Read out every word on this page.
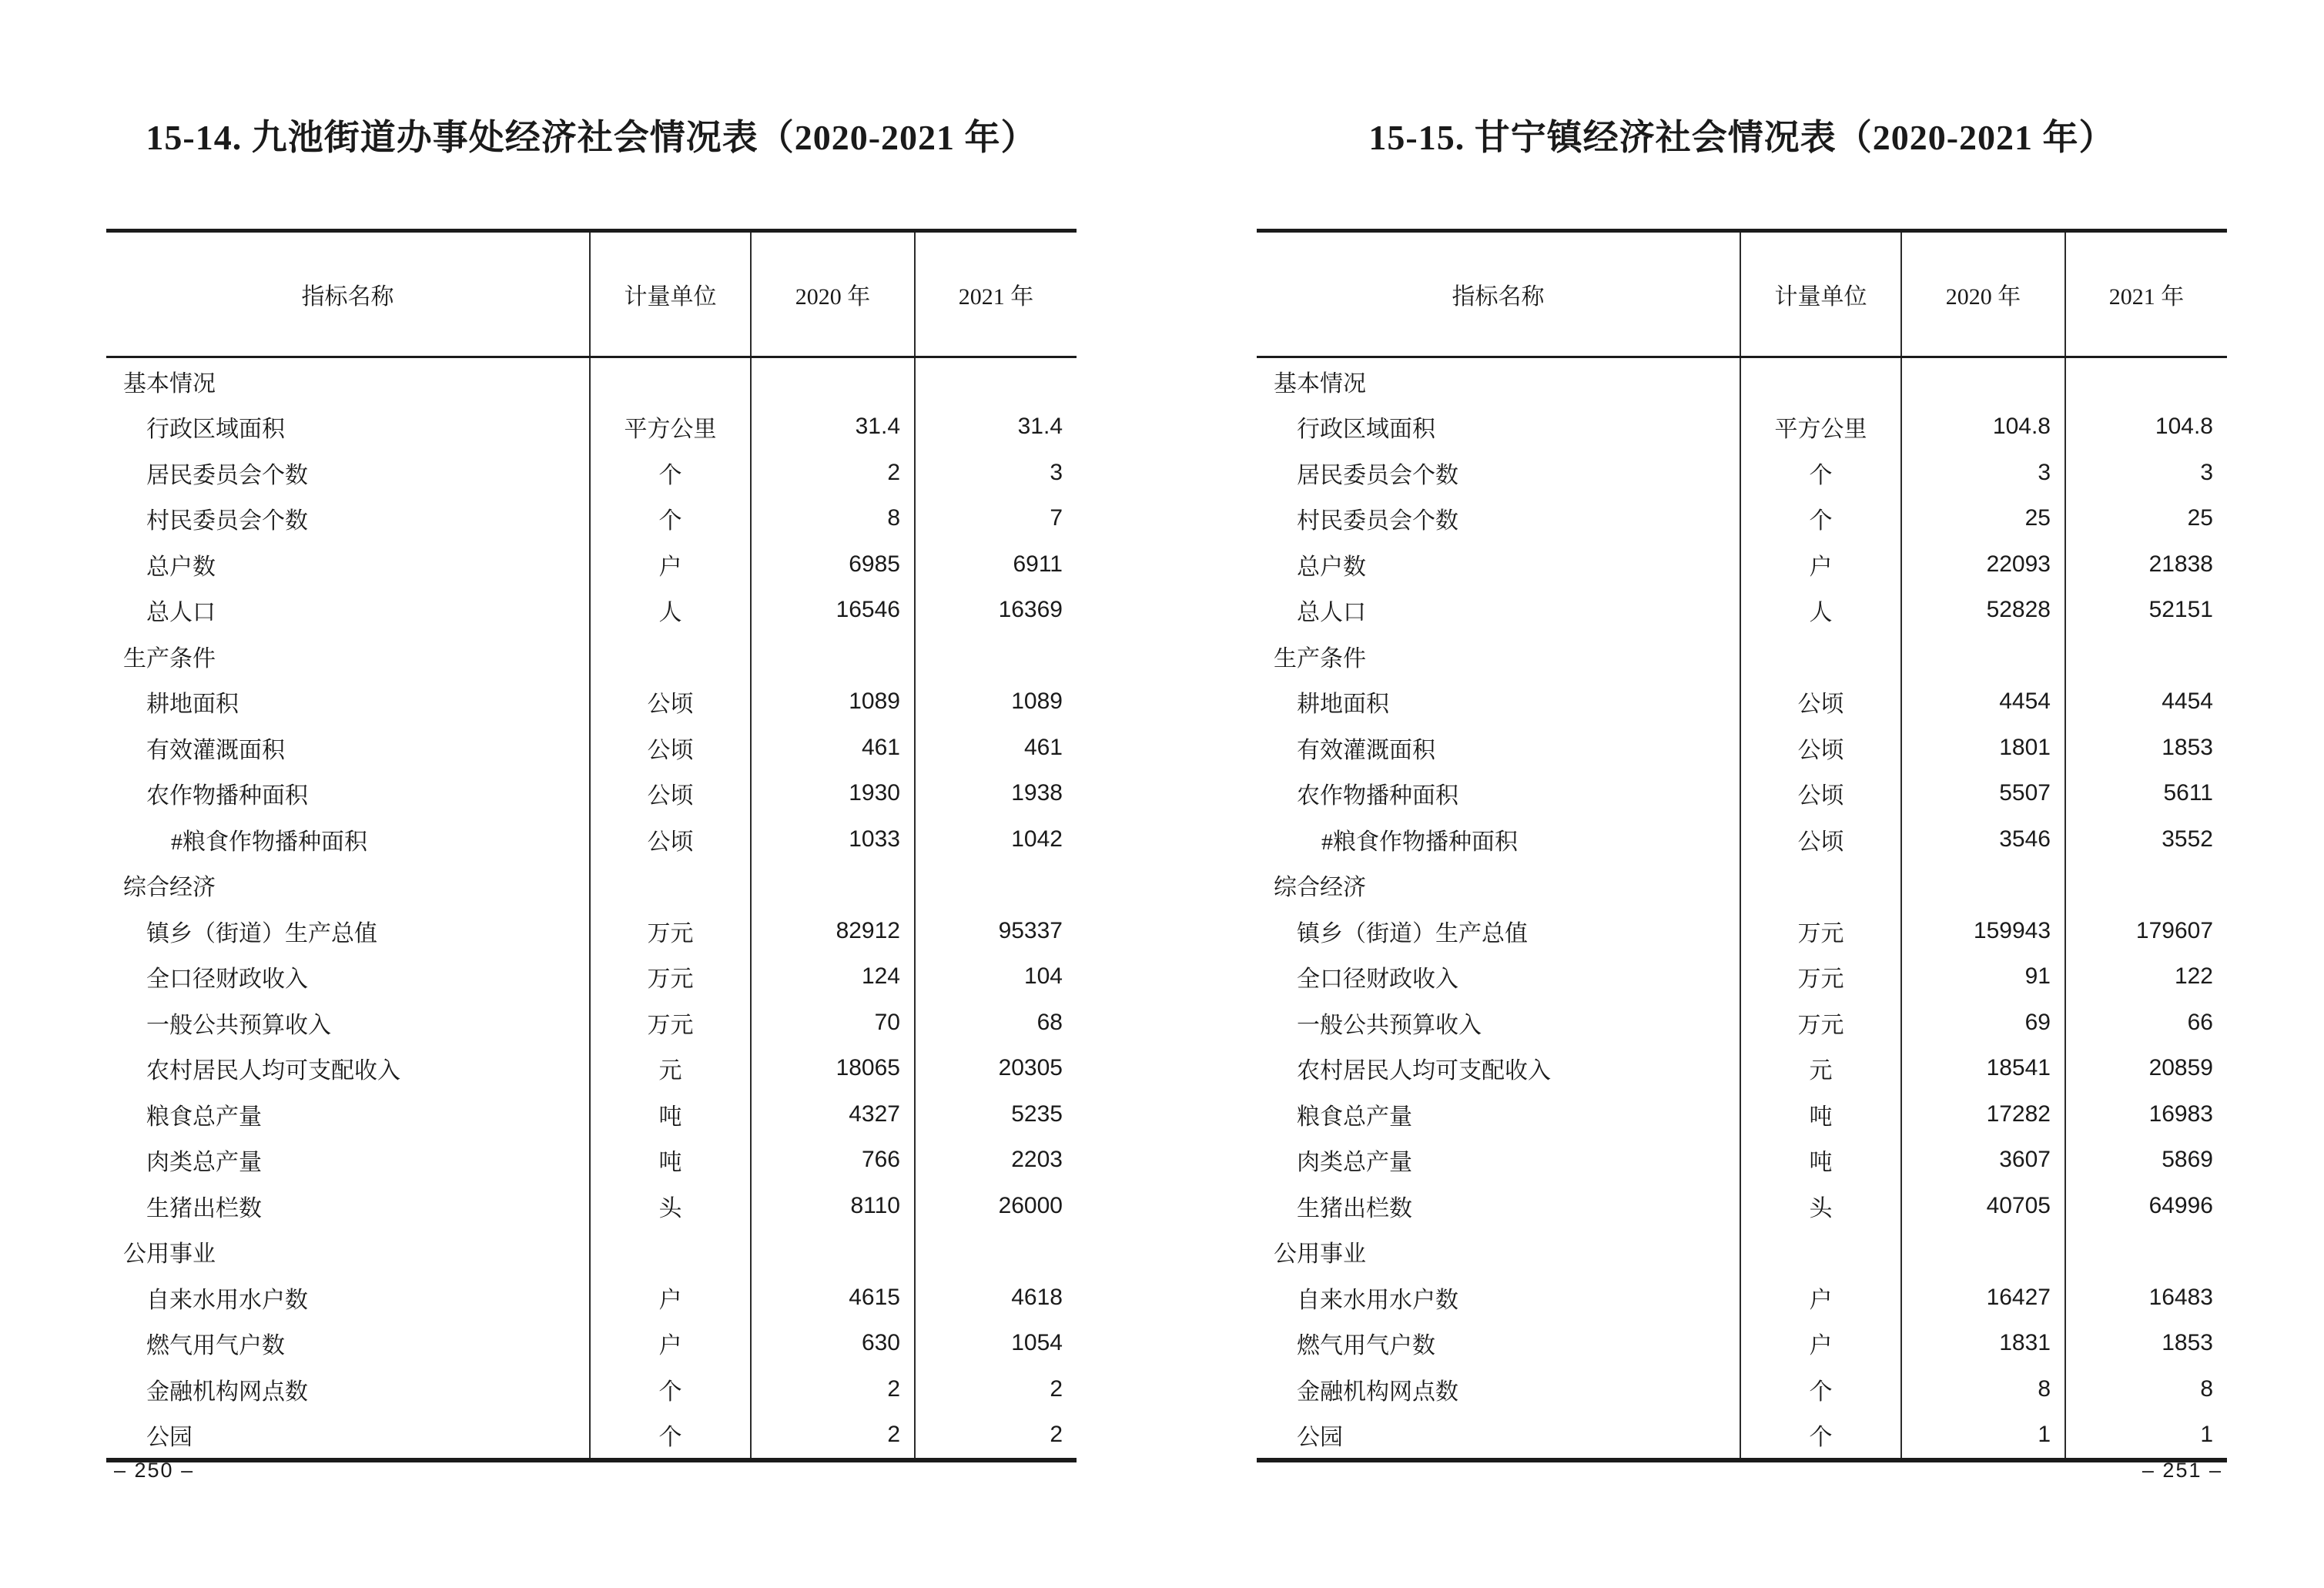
15-14. 九池街道办事处经济社会情况表（2020-2021 年）
指标名称	计量单位	2020 年	2021 年
基本情况
行政区域面积	平方公里	31.4	31.4
居民委员会个数	个	2	3
村民委员会个数	个	8	7
总户数	户	6985	6911
总人口	人	16546	16369
生产条件
耕地面积	公顷	1089	1089
有效灌溉面积	公顷	461	461
农作物播种面积	公顷	1930	1938
#粮食作物播种面积	公顷	1033	1042
综合经济
镇乡（街道）生产总值	万元	82912	95337
全口径财政收入	万元	124	104
一般公共预算收入	万元	70	68
农村居民人均可支配收入	元	18065	20305
粮食总产量	吨	4327	5235
肉类总产量	吨	766	2203
生猪出栏数	头	8110	26000
公用事业
自来水用水户数	户	4615	4618
燃气用气户数	户	630	1054
金融机构网点数	个	2	2
公园	个	2	2
– 250 –
15-15. 甘宁镇经济社会情况表（2020-2021 年）
指标名称	计量单位	2020 年	2021 年
基本情况
行政区域面积	平方公里	104.8	104.8
居民委员会个数	个	3	3
村民委员会个数	个	25	25
总户数	户	22093	21838
总人口	人	52828	52151
生产条件
耕地面积	公顷	4454	4454
有效灌溉面积	公顷	1801	1853
农作物播种面积	公顷	5507	5611
#粮食作物播种面积	公顷	3546	3552
综合经济
镇乡（街道）生产总值	万元	159943	179607
全口径财政收入	万元	91	122
一般公共预算收入	万元	69	66
农村居民人均可支配收入	元	18541	20859
粮食总产量	吨	17282	16983
肉类总产量	吨	3607	5869
生猪出栏数	头	40705	64996
公用事业
自来水用水户数	户	16427	16483
燃气用气户数	户	1831	1853
金融机构网点数	个	8	8
公园	个	1	1
– 251 –
